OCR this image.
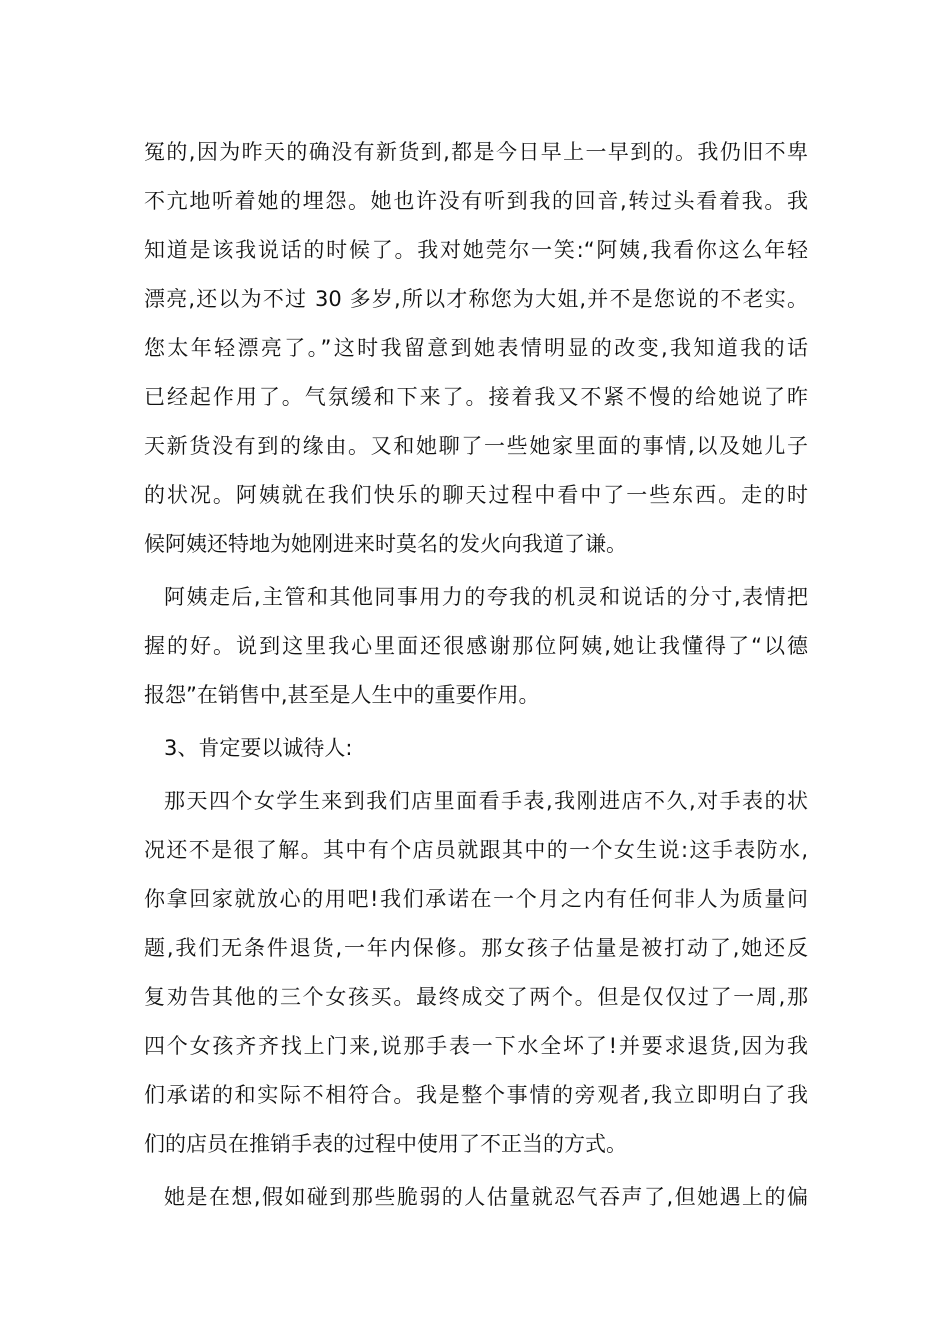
冤的,因为昨天的确没有新货到,都是今日早上一早到的。我仍旧不卑
不亢地听着她的埋怨。她也许没有听到我的回音,转过头看着我。我
知道是该我说话的时候了。我对她莞尔一笑:“阿姨,我看你这么年轻
漂亮,还以为不过 30 多岁,所以才称您为大姐,并不是您说的不老实。
您太年轻漂亮了。”这时我留意到她表情明显的改变,我知道我的话
已经起作用了。气氛缓和下来了。接着我又不紧不慢的给她说了昨
天新货没有到的缘由。又和她聊了一些她家里面的事情,以及她儿子
的状况。阿姨就在我们快乐的聊天过程中看中了一些东西。走的时
候阿姨还特地为她刚进来时莫名的发火向我道了谦。
阿姨走后,主管和其他同事用力的夸我的机灵和说话的分寸,表情把
握的好。说到这里我心里面还很感谢那位阿姨,她让我懂得了“以德
报怨”在销售中,甚至是人生中的重要作用。
3、肯定要以诚待人:
那天四个女学生来到我们店里面看手表,我刚进店不久,对手表的状
况还不是很了解。其中有个店员就跟其中的一个女生说:这手表防水,
你拿回家就放心的用吧!我们承诺在一个月之内有任何非人为质量问
题,我们无条件退货,一年内保修。那女孩子估量是被打动了,她还反
复劝告其他的三个女孩买。最终成交了两个。但是仅仅过了一周,那
四个女孩齐齐找上门来,说那手表一下水全坏了!并要求退货,因为我
们承诺的和实际不相符合。我是整个事情的旁观者,我立即明白了我
们的店员在推销手表的过程中使用了不正当的方式。
她是在想,假如碰到那些脆弱的人估量就忍气吞声了,但她遇上的偏
